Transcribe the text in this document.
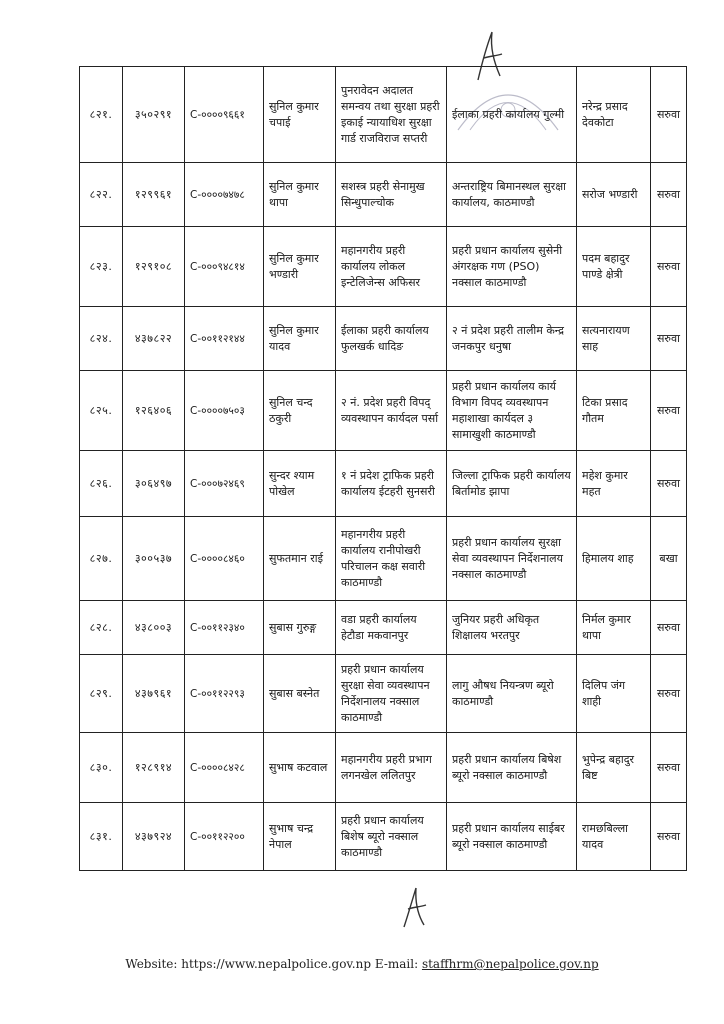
८२१.	३५०२९१	C-००००९६६१	सुनिल कुमार चपाई	पुनरावेदन अदालत समन्वय तथा सुरक्षा प्रहरी इकाई न्यायाधिश सुरक्षा गार्ड राजविराज सप्तरी	ईलाका प्रहरी कार्यालय गुल्मी	नरेन्द्र प्रसाद देवकोटा	सरुवा
८२२.	१२९९६१	C-००००७४७८	सुनिल कुमार थापा	सशस्त्र प्रहरी सेनामुख सिन्धुपाल्चोक	अन्तराष्ट्रिय बिमानस्थल सुरक्षा कार्यालय, काठमाण्डौ	सरोज भण्डारी	सरुवा
८२३.	१२९१०८	C-०००९४८१४	सुनिल कुमार भण्डारी	महानगरीय प्रहरी कार्यालय लोकल इन्टेलिजेन्स अफिसर	प्रहरी प्रधान कार्यालय सुसेनी अंगरक्षक गण (PSO) नक्साल काठमाण्डौ	पदम बहादुर पाण्डे क्षेत्री	सरुवा
८२४.	४३७८२२	C-००११२१४४	सुनिल कुमार यादव	ईलाका प्रहरी कार्यालय फुलखर्क धादिङ	२ नं प्रदेश प्रहरी तालीम केन्द्र जनकपुर धनुषा	सत्यनारायण साह	सरुवा
८२५.	१२६४०६	C-००००७५०३	सुनिल चन्द ठकुरी	२ नं. प्रदेश प्रहरी विपद् व्यवस्थापन कार्यदल पर्सा	प्रहरी प्रधान कार्यालय कार्य विभाग विपद व्यवस्थापन महाशाखा कार्यदल ३ सामाखुशी काठमाण्डौ	टिका प्रसाद गौतम	सरुवा
८२६.	३०६४९७	C-०००७२४६९	सुन्दर श्याम पोखेल	१ नं प्रदेश ट्राफिक प्रहरी कार्यालय ईटहरी सुनसरी	जिल्ला ट्राफिक प्रहरी कार्यालय बिर्तामोड झापा	महेश कुमार महत	सरुवा
८२७.	३००५३७	C-००००८४६०	सुफतमान राई	महानगरीय प्रहरी कार्यालय रानीपोखरी परिचालन कक्ष सवारी काठमाण्डौ	प्रहरी प्रधान कार्यालय सुरक्षा सेवा व्यवस्थापन निर्देशनालय नक्साल काठमाण्डौ	हिमालय शाह	बखा
८२८.	४३८००३	C-००११२३४०	सुबास गुरुङ्ग	वडा प्रहरी कार्यालय हेटौडा मकवानपुर	जुनियर प्रहरी अधिकृत शिक्षालय भरतपुर	निर्मल कुमार थापा	सरुवा
८२९.	४३७९६१	C-००११२२९३	सुबास बस्नेत	प्रहरी प्रधान कार्यालय सुरक्षा सेवा व्यवस्थापन निर्देशनालय नक्साल काठमाण्डौ	लागु औषध नियन्त्रण ब्यूरो काठमाण्डौ	दिलिप जंग शाही	सरुवा
८३०.	१२८९१४	C-००००८४२८	सुभाष कटवाल	महानगरीय प्रहरी प्रभाग लगनखेल ललितपुर	प्रहरी प्रधान कार्यालय बिषेश ब्यूरो नक्साल काठमाण्डौ	भुपेन्द्र बहादुर बिष्ट	सरुवा
८३१.	४३७९२४	C-००११२२००	सुभाष चन्द्र नेपाल	प्रहरी प्रधान कार्यालय बिशेष ब्यूरो नक्साल काठमाण्डौ	प्रहरी प्रधान कार्यालय साईबर ब्यूरो नक्साल काठमाण्डौ	रामछबिल्ला यादव	सरुवा
Website: https://www.nepalpolice.gov.np E-mail: staffhrm@nepalpolice.gov.np
